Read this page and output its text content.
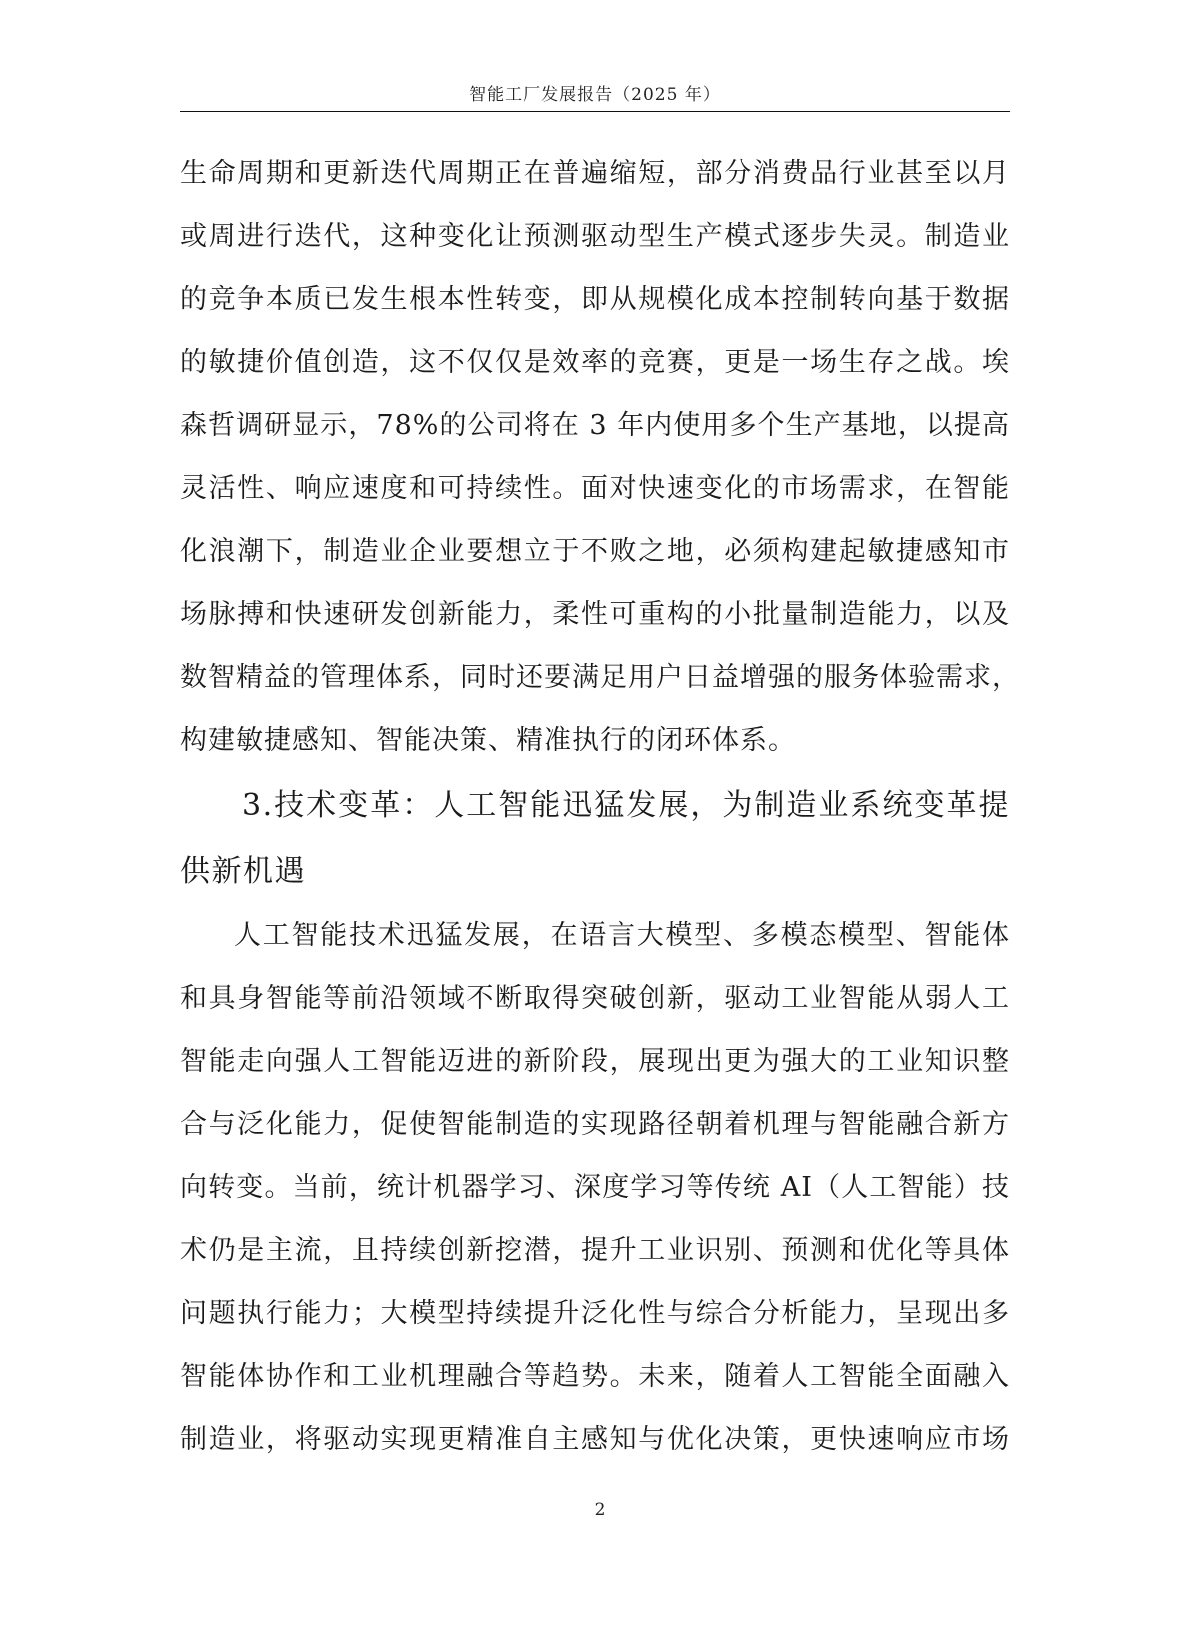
智能工厂发展报告（2025 年）
生命周期和更新迭代周期正在普遍缩短，部分消费品行业甚至以月
或周进行迭代，这种变化让预测驱动型生产模式逐步失灵。制造业
的竞争本质已发生根本性转变，即从规模化成本控制转向基于数据
的敏捷价值创造，这不仅仅是效率的竞赛，更是一场生存之战。埃
森哲调研显示，78%的公司将在 3 年内使用多个生产基地，以提高
灵活性、响应速度和可持续性。面对快速变化的市场需求，在智能
化浪潮下，制造业企业要想立于不败之地，必须构建起敏捷感知市
场脉搏和快速研发创新能力，柔性可重构的小批量制造能力，以及
数智精益的管理体系，同时还要满足用户日益增强的服务体验需求，
构建敏捷感知、智能决策、精准执行的闭环体系。
3.技术变革：人工智能迅猛发展，为制造业系统变革提
供新机遇
人工智能技术迅猛发展，在语言大模型、多模态模型、智能体
和具身智能等前沿领域不断取得突破创新，驱动工业智能从弱人工
智能走向强人工智能迈进的新阶段，展现出更为强大的工业知识整
合与泛化能力，促使智能制造的实现路径朝着机理与智能融合新方
向转变。当前，统计机器学习、深度学习等传统 AI（人工智能）技
术仍是主流，且持续创新挖潜，提升工业识别、预测和优化等具体
问题执行能力；大模型持续提升泛化性与综合分析能力，呈现出多
智能体协作和工业机理融合等趋势。未来，随着人工智能全面融入
制造业，将驱动实现更精准自主感知与优化决策，更快速响应市场
2
